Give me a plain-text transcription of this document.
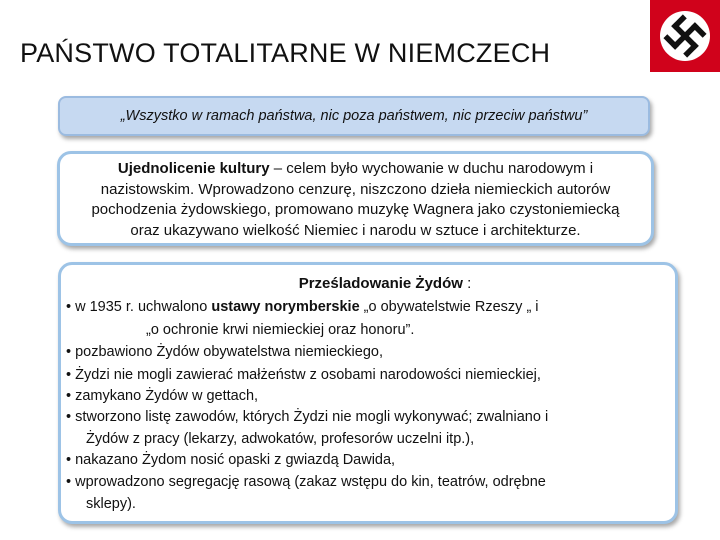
PAŃSTWO TOTALITARNE W NIEMCZECH
„Wszystko w ramach państwa, nic poza państwem, nic przeciw państwu”
Ujednolicenie kultury – celem było wychowanie w duchu narodowym i
nazistowskim. Wprowadzono cenzurę, niszczono dzieła niemieckich autorów
pochodzenia żydowskiego, promowano muzykę Wagnera jako czystoniemiecką
oraz ukazywano wielkość Niemiec i narodu w sztuce i architekturze.
Prześladowanie Żydów :
• w 1935 r. uchwalono ustawy norymberskie „o obywatelstwie Rzeszy „ i
„o ochronie krwi niemieckiej oraz honoru”.
• pozbawiono Żydów obywatelstwa niemieckiego,
• Żydzi nie mogli zawierać małżeństw z osobami narodowości niemieckiej,
• zamykano Żydów w gettach,
• stworzono listę zawodów, których Żydzi nie mogli wykonywać; zwalniano i
Żydów z pracy (lekarzy, adwokatów, profesorów uczelni itp.),
• nakazano Żydom nosić opaski z gwiazdą Dawida,
• wprowadzono segregację rasową (zakaz wstępu do kin, teatrów, odrębne
sklepy).
